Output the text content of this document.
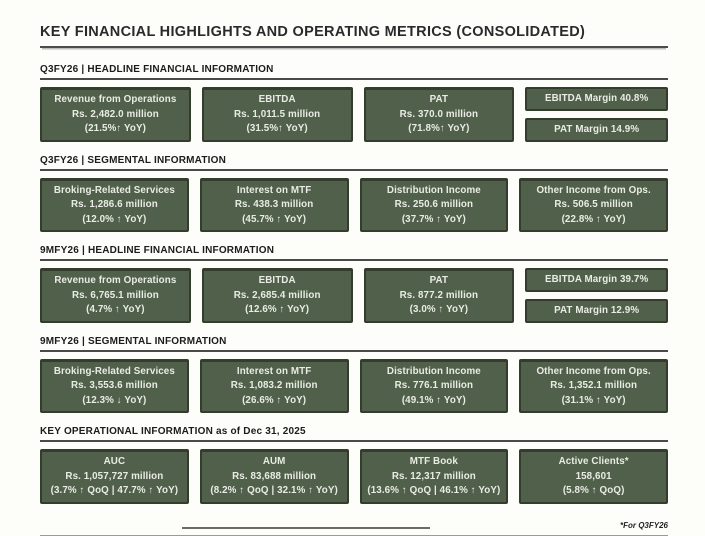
KEY FINANCIAL HIGHLIGHTS AND OPERATING METRICS (CONSOLIDATED)
Q3FY26 | HEADLINE FINANCIAL INFORMATION
Revenue from Operations
Rs. 2,482.0 million
(21.5%↑ YoY)
EBITDA
Rs. 1,011.5 million
(31.5%↑ YoY)
PAT
Rs. 370.0 million
(71.8%↑ YoY)
EBITDA Margin 40.8%
PAT Margin 14.9%
Q3FY26 | SEGMENTAL INFORMATION
Broking-Related Services
Rs. 1,286.6 million
(12.0% ↑ YoY)
Interest on MTF
Rs. 438.3 million
(45.7% ↑ YoY)
Distribution Income
Rs. 250.6 million
(37.7% ↑ YoY)
Other Income from Ops.
Rs. 506.5 million
(22.8% ↑ YoY)
9MFY26 | HEADLINE FINANCIAL INFORMATION
Revenue from Operations
Rs. 6,765.1 million
(4.7% ↑ YoY)
EBITDA
Rs. 2,685.4 million
(12.6% ↑ YoY)
PAT
Rs. 877.2 million
(3.0% ↑ YoY)
EBITDA Margin 39.7%
PAT Margin 12.9%
9MFY26 | SEGMENTAL INFORMATION
Broking-Related Services
Rs. 3,553.6 million
(12.3% ↓ YoY)
Interest on MTF
Rs. 1,083.2 million
(26.6% ↑ YoY)
Distribution Income
Rs. 776.1 million
(49.1% ↑ YoY)
Other Income from Ops.
Rs. 1,352.1 million
(31.1% ↑ YoY)
KEY OPERATIONAL INFORMATION as of Dec 31, 2025
AUC
Rs. 1,057,727 million
(3.7% ↑ QoQ | 47.7% ↑ YoY)
AUM
Rs. 83,688 million
(8.2% ↑ QoQ | 32.1% ↑ YoY)
MTF Book
Rs. 12,317 million
(13.6% ↑ QoQ | 46.1% ↑ YoY)
Active Clients*
158,601
(5.8% ↑ QoQ)
*For Q3FY26
